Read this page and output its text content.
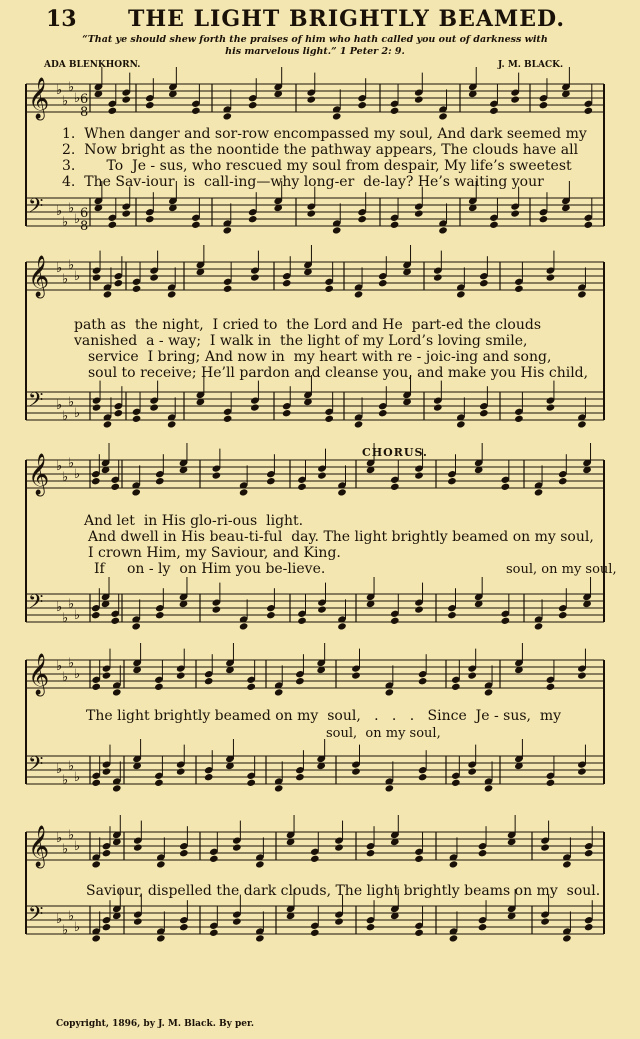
13 THE LIGHT BRIGHTLY BEAMED.
“That ye should shew forth the praises of him who hath called you out of darkness with his marvelous light.” 1 Peter 2: 9.
ADA BLENKHORN.	J. M. BLACK.
𝄞 ♭
♭
♭
♭
𝄢 ♭
♭
♭
♭
𝄞 ♭
♭
♭
♭
𝄢 ♭
♭
♭
♭
𝄞 ♭
♭
♭
♭
𝄢 ♭
♭
♭
♭
𝄞 ♭
♭
♭
♭
𝄢 ♭
♭
♭
♭
𝄞 ♭
♭
♭
♭
𝄢 ♭
♭
♭
♭
6
8
6
8
1.  When danger and sor-row encompassed my soul, And dark seemed my
2.  Now bright as the noontide the pathway appears, The clouds have all
3.       To  Je - sus, who rescued my soul from despair, My life’s sweetest
4.  The Sav-iour  is  call-ing—why long-er  de-lay? He’s waiting your
path as  the night,  I cried to  the Lord and He  part-ed the clouds
vanished  a - way;  I walk in  the light of my Lord’s loving smile,
service  I bring; And now in  my heart with re - joic-ing and song,
soul to receive; He’ll pardon and cleanse you, and make you His child,
CHORUS.
And let  in His glo-ri-ous  light.
And dwell in His beau-ti-ful  day. The light brightly beamed on my soul,
I crown Him, my Saviour, and King.
If     on - ly  on Him you be-lieve.	soul, on my soul,
The light brightly beamed on my  soul,   .   .   .   Since  Je - sus,  my
soul,  on my soul,
Saviour, dispelled the dark clouds, The light brightly beams on my  soul.
Copyright, 1896, by J. M. Black. By per.
